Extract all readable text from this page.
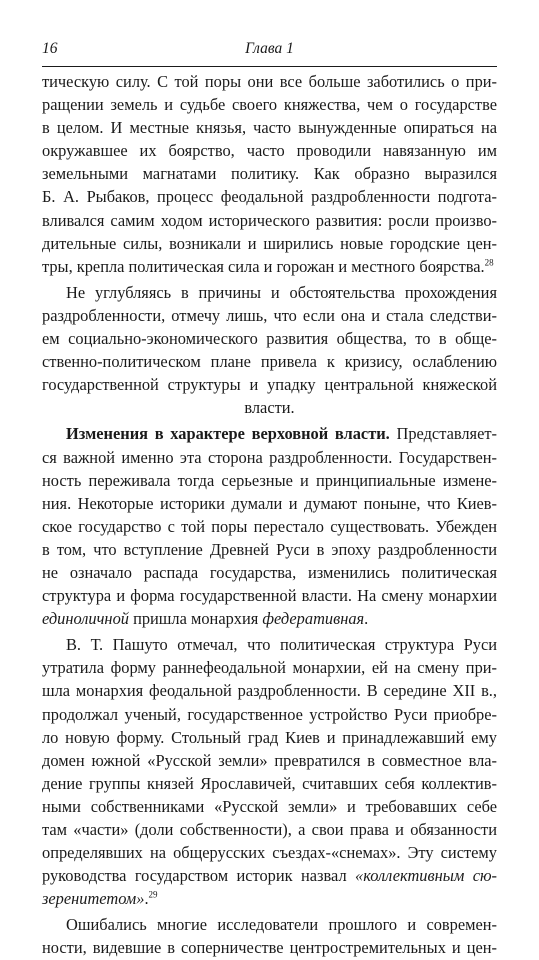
16	Глава 1

тическую силу. С той поры они все больше заботились о при-
ращении земель и судьбе своего княжества, чем о государстве
в целом. И местные князья, часто вынужденные опираться на
окружавшее их боярство, часто проводили навязанную им
земельными магнатами политику. Как образно выразился
Б. А. Рыбаков, процесс феодальной раздробленности подгота-
вливался самим ходом исторического развития: росли произво-
дительные силы, возникали и ширились новые городские цен-
тры, крепла политическая сила и горожан и местного боярства.$^{28}$

Не углубляясь в причины и обстоятельства прохождения
раздробленности, отмечу лишь, что если она и стала следстви-
ем социально-экономического развития общества, то в обще-
ственно-политическом плане привела к кризису, ослаблению
государственной структуры и упадку центральной княжеской
власти.

Изменения в характере верховной власти. Представляет-
ся важной именно эта сторона раздробленности. Государствен-
ность переживала тогда серьезные и принципиальные измене-
ния. Некоторые историки думали и думают поныне, что Киев-
ское государство с той поры перестало существовать. Убежден
в том, что вступление Древней Руси в эпоху раздробленности
не означало распада государства, изменились политическая
структура и форма государственной власти. На смену монархии
единоличной пришла монархия федеративная.

В. Т. Пашуто отмечал, что политическая структура Руси
утратила форму раннефеодальной монархии, ей на смену при-
шла монархия феодальной раздробленности. В середине XII в.,
продолжал ученый, государственное устройство Руси приобре-
ло новую форму. Стольный град Киев и принадлежавший ему
домен южной «Русской земли» превратился в совместное вла-
дение группы князей Ярославичей, считавших себя коллектив-
ными собственниками «Русской земли» и требовавших себе
там «части» (доли собственности), а свои права и обязанности
определявших на общерусских съездах-«снемах». Эту систему
руководства государством историк назвал «коллективным сю-
зеренитетом».$^{29}$

Ошибались многие исследователи прошлого и современ-
ности, видевшие в соперничестве центростремительных и цен-
